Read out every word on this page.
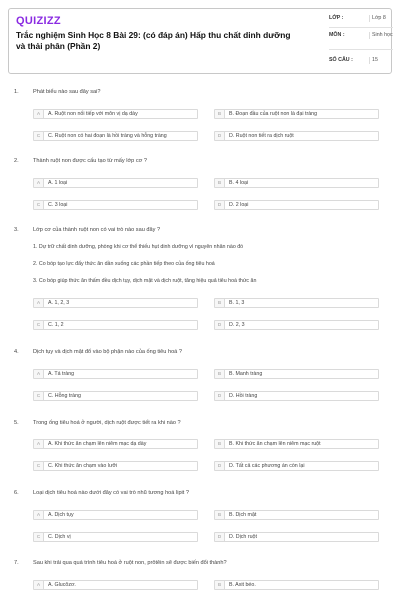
QUIZIZZ
Trắc nghiệm Sinh Học 8 Bài 29: (có đáp án) Hấp thu chất dinh dưỡng và thải phân (Phần 2)
LỚP :	Lớp 8
MÔN :	Sinh học
SỐ CÂU :	15
1.	Phát biểu nào sau đây sai?
A	A. Ruột non nối tiếp với môn vị dạ dày	B	B. Đoạn đầu của ruột non là đại tràng
C	C. Ruột non có hai đoạn là hồi tràng và hỗng tràng	D	D. Ruột non tiết ra dịch ruột
2.	Thành ruột non được cấu tạo từ mấy lớp cơ ?
A	A. 1 loại	B	B. 4 loại
C	C. 3 loại	D	D. 2 loại
3.	Lớp cơ của thành ruột non có vai trò nào sau đây ?
1. Dự trữ chất dinh dưỡng, phòng khi cơ thể thiếu hụt dinh dưỡng vì nguyên nhân nào đó
2. Co bóp tạo lực đẩy thức ăn dần xuống các phần tiếp theo của ống tiêu hoá
3. Co bóp giúp thức ăn thấm đều dịch tụy, dịch mật và dịch ruột, tăng hiệu quả tiêu hoá thức ăn
A	A. 1, 2, 3	B	B. 1, 3
C	C. 1, 2	D	D. 2, 3
4.	Dịch tụy và dịch mật đổ vào bộ phận nào của ống tiêu hoá ?
A	A. Tá tràng	B	B. Manh tràng
C	C. Hỗng tràng	D	D. Hồi tràng
5.	Trong ống tiêu hoá ở người, dịch ruột được tiết ra khi nào ?
A	A. Khi thức ăn chạm lên niêm mạc dạ dày	B	B. Khi thức ăn chạm lên niêm mạc ruột
C	C. Khi thức ăn chạm vào lưỡi	D	D. Tất cả các phương án còn lại
6.	Loại dịch tiêu hoá nào dưới đây có vai trò nhũ tương hoá lipit ?
A	A. Dịch tụy	B	B. Dịch mật
C	C. Dịch vị	D	D. Dịch ruột
7.	Sau khi trải qua quá trình tiêu hoá ở ruột non, prôtêin sẽ được biến đổi thành?
A	A. Glucôzơ.	B	B. Axit béo.
